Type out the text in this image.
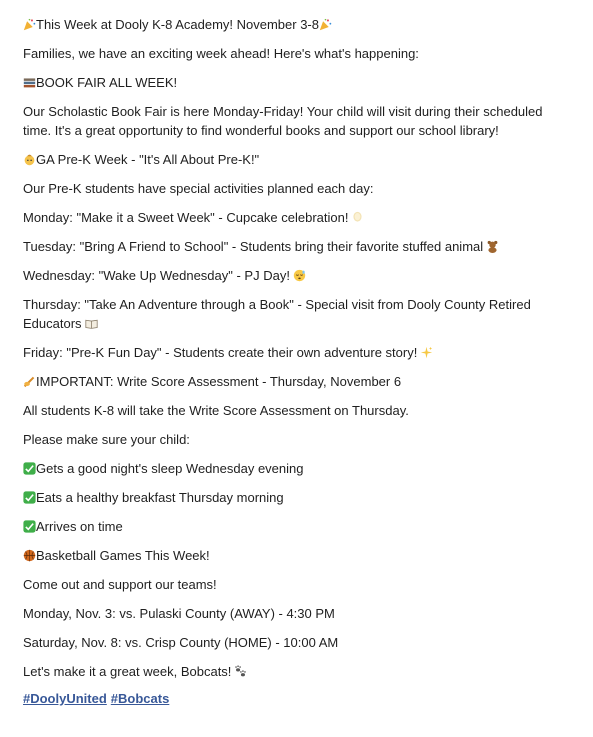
This Week at Dooly K-8 Academy! November 3-8

Families, we have an exciting week ahead! Here's what's happening:

BOOK FAIR ALL WEEK!

Our Scholastic Book Fair is here Monday-Friday! Your child will visit during their scheduled time. It's a great opportunity to find wonderful books and support our school library!

GA Pre-K Week - "It's All About Pre-K!"

Our Pre-K students have special activities planned each day:

Monday: "Make it a Sweet Week" - Cupcake celebration!

Tuesday: "Bring A Friend to School" - Students bring their favorite stuffed animal

Wednesday: "Wake Up Wednesday" - PJ Day!

Thursday: "Take An Adventure through a Book" - Special visit from Dooly County Retired Educators

Friday: "Pre-K Fun Day" - Students create their own adventure story!

IMPORTANT: Write Score Assessment - Thursday, November 6

All students K-8 will take the Write Score Assessment on Thursday.

Please make sure your child:

Gets a good night's sleep Wednesday evening

Eats a healthy breakfast Thursday morning

Arrives on time

Basketball Games This Week!

Come out and support our teams!

Monday, Nov. 3: vs. Pulaski County (AWAY) - 4:30 PM

Saturday, Nov. 8: vs. Crisp County (HOME) - 10:00 AM

Let's make it a great week, Bobcats!

#DoolyUnited #Bobcats
